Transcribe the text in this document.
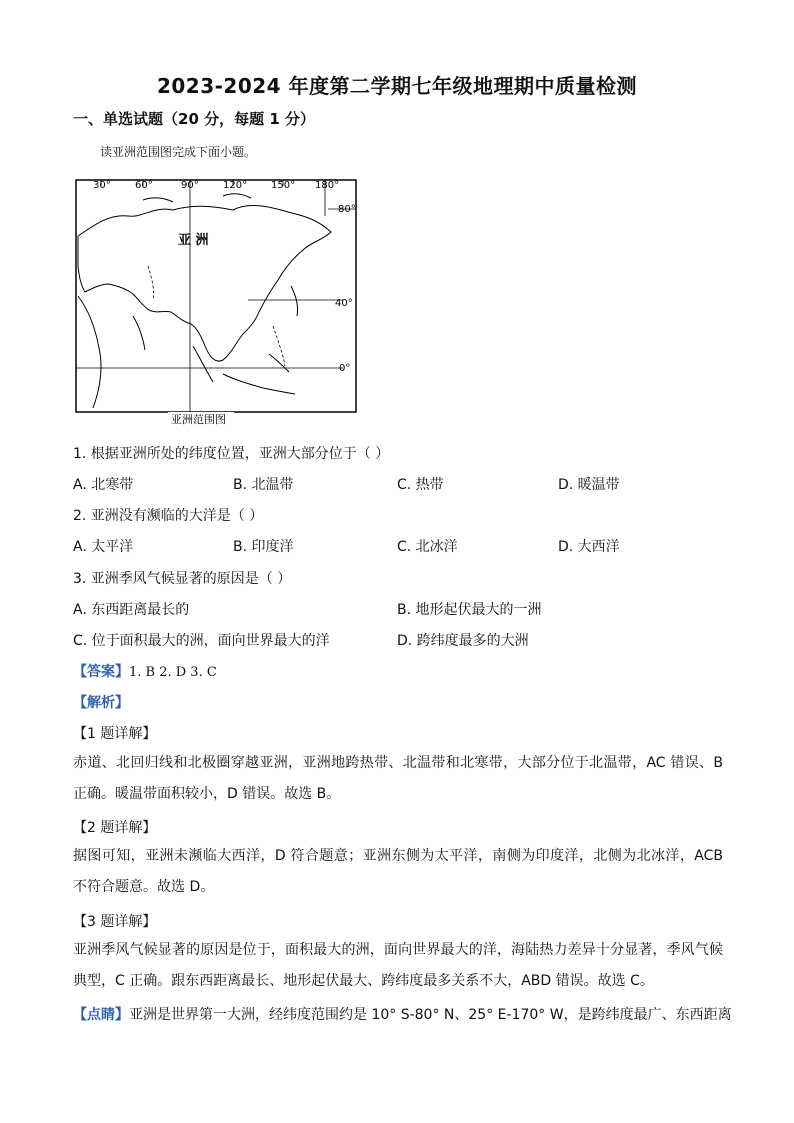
2023-2024 年度第二学期七年级地理期中质量检测
一、单选试题（20 分，每题 1 分）
读亚洲范围图完成下面小题。
30° 60°	90° 120° 150° 180°
80°
40°
0°
亚 洲
亚洲范围图
1. 根据亚洲所处的纬度位置，亚洲大部分位于（ ）
A. 北寒带	B. 北温带	C. 热带	D. 暖温带
2. 亚洲没有濒临的大洋是（ ）
A. 太平洋	B. 印度洋	C. 北冰洋	D. 大西洋
3. 亚洲季风气候显著的原因是（ ）
A. 东西距离最长的	B. 地形起伏最大的一洲
C. 位于面积最大的洲，面向世界最大的洋	D. 跨纬度最多的大洲
【答案】1. B 2. D 3. C
【解析】
【1 题详解】
赤道、北回归线和北极圈穿越亚洲，亚洲地跨热带、北温带和北寒带，大部分位于北温带，AC 错误、B 正确。暖温带面积较小，D 错误。故选 B。
【2 题详解】
据图可知，亚洲未濒临大西洋，D 符合题意；亚洲东侧为太平洋，南侧为印度洋，北侧为北冰洋，ACB 不符合题意。故选 D。
【3 题详解】
亚洲季风气候显著的原因是位于，面积最大的洲，面向世界最大的洋，海陆热力差异十分显著，季风气候典型，C 正确。跟东西距离最长、地形起伏最大、跨纬度最多关系不大，ABD 错误。故选 C。
【点睛】亚洲是世界第一大洲，经纬度范围约是 10° S-80° N、25° E-170° W，是跨纬度最广、东西距离
